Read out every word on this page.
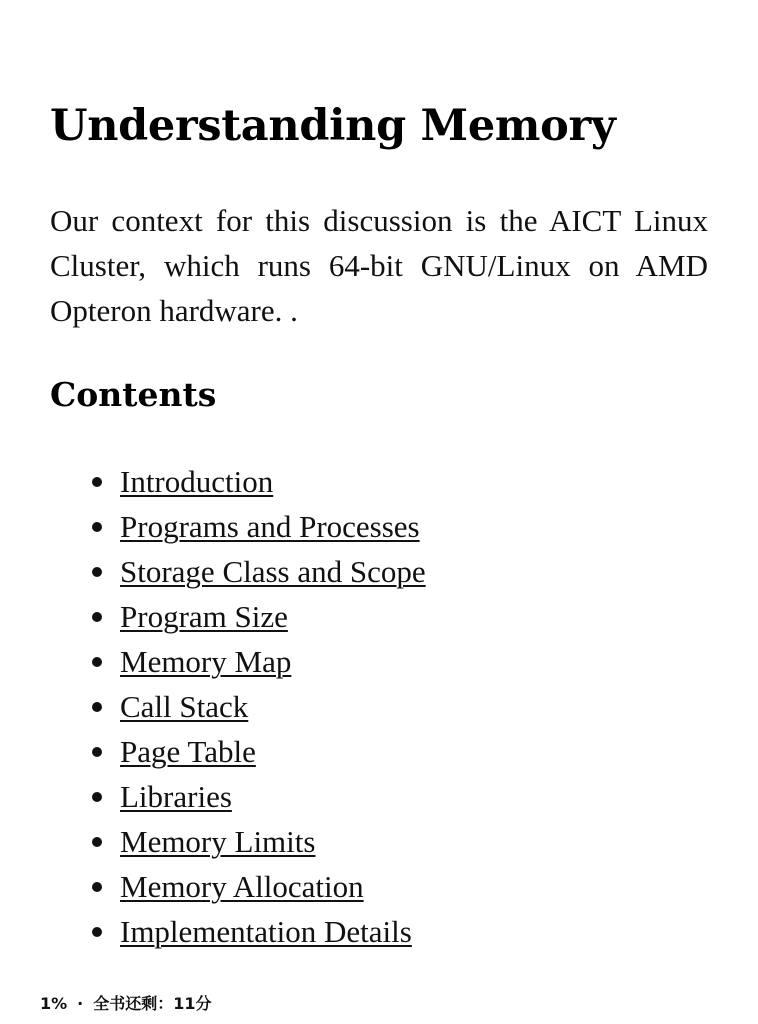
Understanding Memory

Our context for this discussion is the AICT Linux Cluster, which runs 64-bit GNU/Linux on AMD Opteron hardware. .

Contents
Introduction
Programs and Processes
Storage Class and Scope
Program Size
Memory Map
Call Stack
Page Table
Libraries
Memory Limits
Memory Allocation
Implementation Details
1% · 全书还剩：11分
